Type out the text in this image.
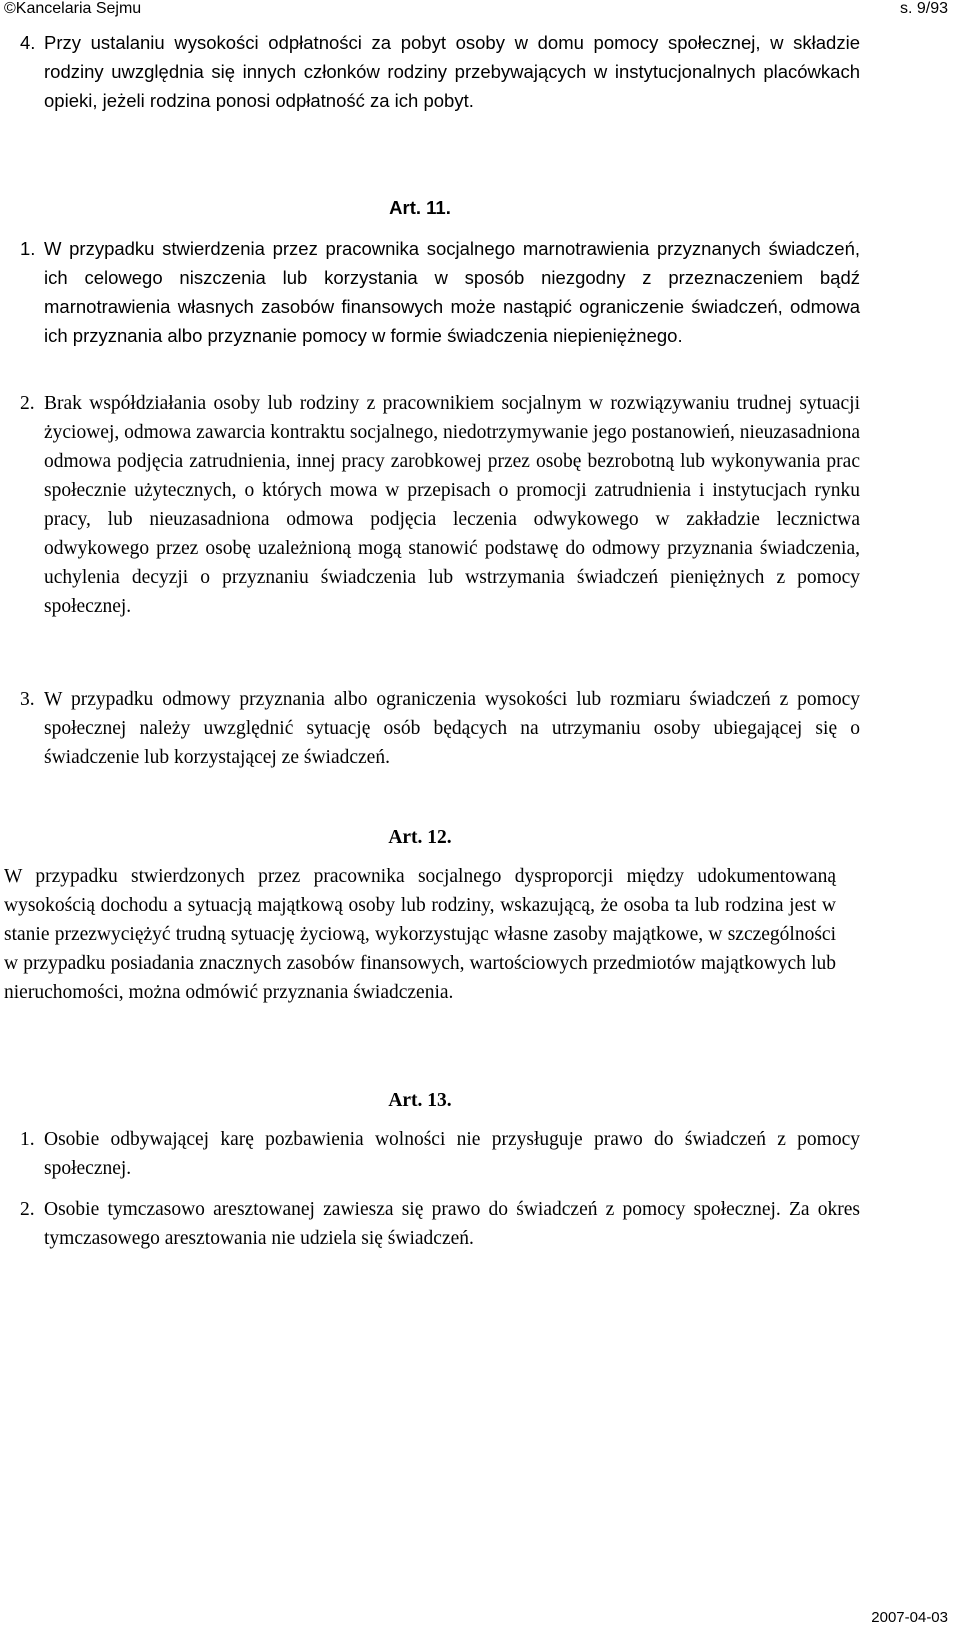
©Kancelaria Sejmu	s. 9/93
4. Przy ustalaniu wysokości odpłatności za pobyt osoby w domu pomocy społecznej, w składzie rodziny uwzględnia się innych członków rodziny przebywających w instytucjonalnych placówkach opieki, jeżeli rodzina ponosi odpłatność za ich pobyt.
Art. 11.
1. W przypadku stwierdzenia przez pracownika socjalnego marnotrawienia przyznanych świadczeń, ich celowego niszczenia lub korzystania w sposób niezgodny z przeznaczeniem bądź marnotrawienia własnych zasobów finansowych może nastąpić ograniczenie świadczeń, odmowa ich przyznania albo przyznanie pomocy w formie świadczenia niepieniężnego.
2. Brak współdziałania osoby lub rodziny z pracownikiem socjalnym w rozwiązywaniu trudnej sytuacji życiowej, odmowa zawarcia kontraktu socjalnego, niedotrzymywanie jego postanowień, nieuzasadniona odmowa podjęcia zatrudnienia, innej pracy zarobkowej przez osobę bezrobotną lub wykonywania prac społecznie użytecznych, o których mowa w przepisach o promocji zatrudnienia i instytucjach rynku pracy, lub nieuzasadniona odmowa podjęcia leczenia odwykowego w zakładzie lecznictwa odwykowego przez osobę uzależnioną mogą stanowić podstawę do odmowy przyznania świadczenia, uchylenia decyzji o przyznaniu świadczenia lub wstrzymania świadczeń pieniężnych z pomocy społecznej.
3. W przypadku odmowy przyznania albo ograniczenia wysokości lub rozmiaru świadczeń z pomocy społecznej należy uwzględnić sytuację osób będących na utrzymaniu osoby ubiegającej się o świadczenie lub korzystającej ze świadczeń.
Art. 12.
W przypadku stwierdzonych przez pracownika socjalnego dysproporcji między udokumentowaną wysokością dochodu a sytuacją majątkową osoby lub rodziny, wskazującą, że osoba ta lub rodzina jest w stanie przezwyciężyć trudną sytuację życiową, wykorzystując własne zasoby majątkowe, w szczególności w przypadku posiadania znacznych zasobów finansowych, wartościowych przedmiotów majątkowych lub nieruchomości, można odmówić przyznania świadczenia.
Art. 13.
1. Osobie odbywającej karę pozbawienia wolności nie przysługuje prawo do świadczeń z pomocy społecznej.
2. Osobie tymczasowo aresztowanej zawiesza się prawo do świadczeń z pomocy społecznej. Za okres tymczasowego aresztowania nie udziela się świadczeń.
2007-04-03
